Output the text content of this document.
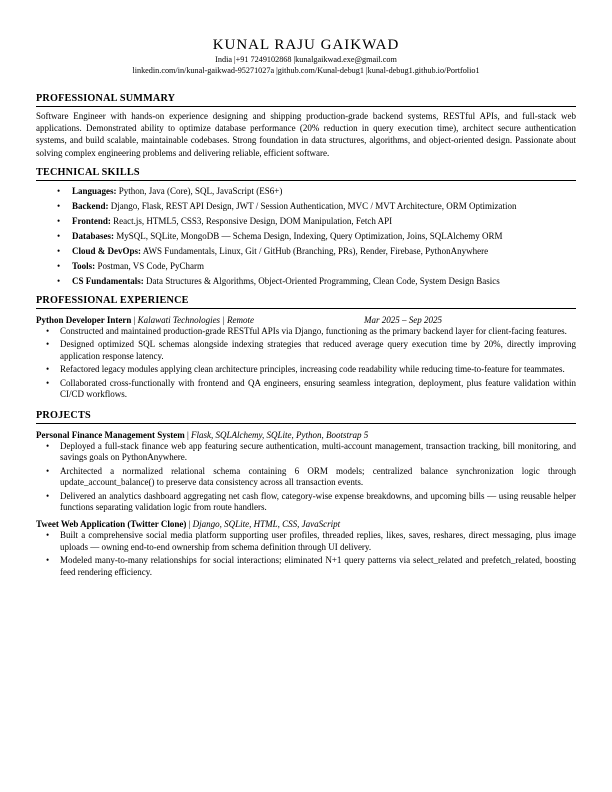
KUNAL RAJU GAIKWAD

India |+91 7249102868 |kunalgaikwad.exe@gmail.com

linkedin.com/in/kunal-gaikwad-95271027a |github.com/Kunal-debug1 |kunal-debug1.github.io/Portfolio1

PROFESSIONAL SUMMARY

Software Engineer with hands-on experience designing and shipping production-grade backend systems, RESTful APIs, and full-stack web applications. Demonstrated ability to optimize database performance (20% reduction in query execution time), architect secure authentication systems, and build scalable, maintainable codebases. Strong foundation in data structures, algorithms, and object-oriented design. Passionate about solving complex engineering problems and delivering reliable, efficient software.

TECHNICAL SKILLS
• Languages: Python, Java (Core), SQL, JavaScript (ES6+)
• Backend: Django, Flask, REST API Design, JWT / Session Authentication, MVC / MVT Architecture, ORM Optimization
• Frontend: React.js, HTML5, CSS3, Responsive Design, DOM Manipulation, Fetch API
• Databases: MySQL, SQLite, MongoDB — Schema Design, Indexing, Query Optimization, Joins, SQLAlchemy ORM
• Cloud & DevOps: AWS Fundamentals, Linux, Git / GitHub (Branching, PRs), Render, Firebase, PythonAnywhere
• Tools: Postman, VS Code, PyCharm
• CS Fundamentals: Data Structures & Algorithms, Object-Oriented Programming, Clean Code, System Design Basics
PROFESSIONAL EXPERIENCE
Python Developer Intern | Kalawati Technologies | Remote	Mar 2025 – Sep 2025
• Constructed and maintained production-grade RESTful APIs via Django, functioning as the primary backend layer for client-facing features.
• Designed optimized SQL schemas alongside indexing strategies that reduced average query execution time by 20%, directly improving application response latency.
• Refactored legacy modules applying clean architecture principles, increasing code readability while reducing time-to-feature for teammates.
• Collaborated cross-functionally with frontend and QA engineers, ensuring seamless integration, deployment, plus feature validation within CI/CD workflows.
PROJECTS
Personal Finance Management System | Flask, SQLAlchemy, SQLite, Python, Bootstrap 5
• Deployed a full-stack finance web app featuring secure authentication, multi-account management, transaction tracking, bill monitoring, and savings goals on PythonAnywhere.
• Architected a normalized relational schema containing 6 ORM models; centralized balance synchronization logic through update_account_balance() to preserve data consistency across all transaction events.
• Delivered an analytics dashboard aggregating net cash flow, category-wise expense breakdowns, and upcoming bills — using reusable helper functions separating validation logic from route handlers.
Tweet Web Application (Twitter Clone) | Django, SQLite, HTML, CSS, JavaScript
• Built a comprehensive social media platform supporting user profiles, threaded replies, likes, saves, reshares, direct messaging, plus image uploads — owning end-to-end ownership from schema definition through UI delivery.
• Modeled many-to-many relationships for social interactions; eliminated N+1 query patterns via select_related and prefetch_related, boosting feed rendering efficiency.
